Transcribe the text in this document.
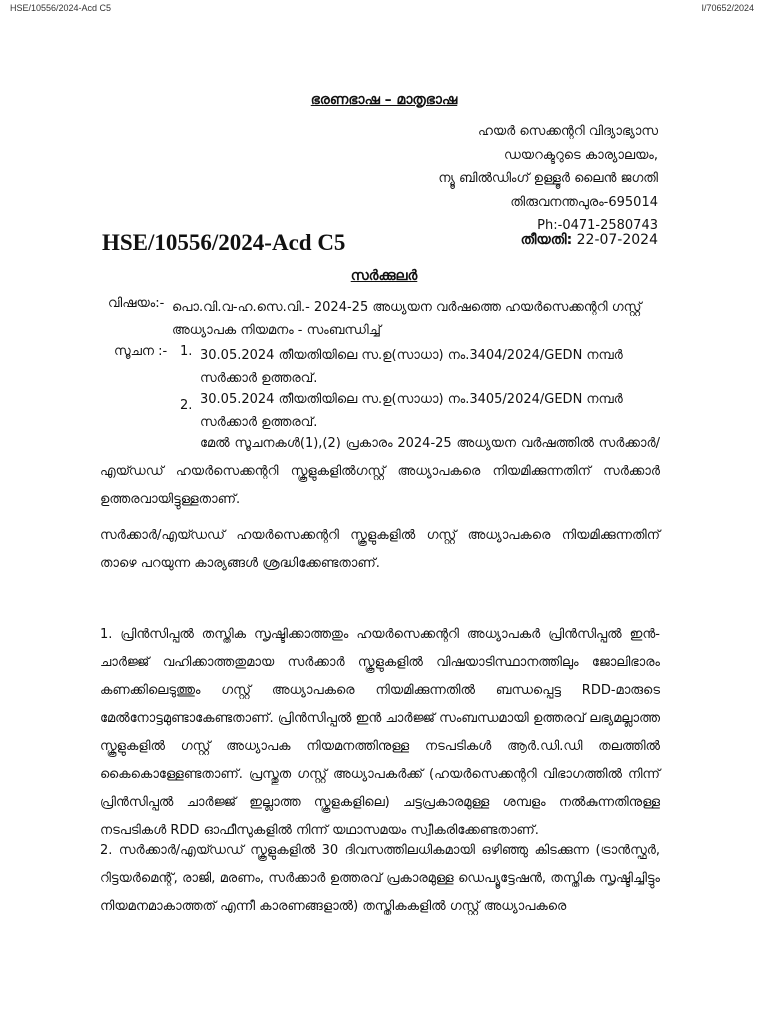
HSE/10556/2024-Acd C5	I/70652/2024
ഭരണഭാഷ – മാതൃഭാഷ
ഹയർ സെക്കന്ററി വിദ്യാഭ്യാസ
ഡയറക്ടറുടെ കാര്യാലയം,
ന്യൂ ബിൽഡിംഗ് ഉള്ളൂർ ലൈൻ ജഗതി
തിരുവനന്തപുരം-695014
Ph:-0471-2580743
HSE/10556/2024-Acd C5	തീയതി: 22-07-2024
സർക്കുലർ
വിഷയം:- പൊ.വി.വ-ഹ.സെ.വി.- 2024-25 അധ്യയന വർഷത്തെ ഹയർസെക്കന്ററി ഗസ്റ്റ് അധ്യാപക നിയമനം - സംബന്ധിച്ച്
സൂചന :- 1. 30.05.2024 തീയതിയിലെ സ.ഉ(സാധാ) നം.3404/2024/GEDN നമ്പർ സർക്കാർ ഉത്തരവ്.
2. 30.05.2024 തീയതിയിലെ സ.ഉ(സാധാ) നം.3405/2024/GEDN നമ്പർ സർക്കാർ ഉത്തരവ്.
മേൽ സൂചനകൾ(1),(2) പ്രകാരം 2024-25 അധ്യയന വർഷത്തിൽ സർക്കാർ/എയ്ഡഡ് ഹയർസെക്കന്ററി സ്കൂളുകളിൽഗസ്റ്റ് അധ്യാപകരെ നിയമിക്കുന്നതിന് സർക്കാർ ഉത്തരവായിട്ടുള്ളതാണ്.
സർക്കാർ/എയ്ഡഡ് ഹയർസെക്കന്ററി സ്കൂളുകളിൽ ഗസ്റ്റ് അധ്യാപകരെ നിയമിക്കുന്നതിന് താഴെ പറയുന്ന കാര്യങ്ങൾ ശ്രദ്ധിക്കേണ്ടതാണ്.
1. പ്രിൻസിപ്പൽ തസ്തിക സൃഷ്ടിക്കാത്തതും ഹയർസെക്കന്ററി അധ്യാപകർ പ്രിൻസിപ്പൽ ഇൻ-ചാർജ്ജ് വഹിക്കാത്തതുമായ സർക്കാർ സ്കൂളുകളിൽ വിഷയാടിസ്ഥാനത്തിലും ജോലിഭാരം കണക്കിലെടുത്തും ഗസ്റ്റ് അധ്യാപകരെ നിയമിക്കുന്നതിൽ ബന്ധപ്പെട്ട RDD-മാരുടെ മേൽനോട്ടമുണ്ടാകേണ്ടതാണ്. പ്രിൻസിപ്പൽ ഇൻ ചാർജ്ജ് സംബന്ധമായി ഉത്തരവ് ലഭ്യമല്ലാത്ത സ്കൂളുകളിൽ ഗസ്റ്റ് അധ്യാപക നിയമനത്തിനുള്ള നടപടികൾ ആർ.ഡി.ഡി തലത്തിൽ കൈകൊള്ളേണ്ടതാണ്. പ്രസ്തുത ഗസ്റ്റ് അധ്യാപകർക്ക് (ഹയർസെക്കന്ററി വിഭാഗത്തിൽ നിന്ന് പ്രിൻസിപ്പൽ ചാർജ്ജ് ഇല്ലാത്ത സ്കൂളകളിലെ) ചട്ടപ്രകാരമുള്ള ശമ്പളം നൽകുന്നതിനുള്ള നടപടികൾ RDD ഓഫീസുകളിൽ നിന്ന് യഥാസമയം സ്വീകരിക്കേണ്ടതാണ്.
2. സർക്കാർ/എയ്ഡഡ് സ്കൂളുകളിൽ 30 ദിവസത്തിലധികമായി ഒഴിഞ്ഞു കിടക്കുന്ന (ട്രാൻസ്ഫർ, റിട്ടയർമെന്റ്, രാജി, മരണം, സർക്കാർ ഉത്തരവ് പ്രകാരമുള്ള ഡെപ്യൂട്ടേഷൻ, തസ്തിക സൃഷ്ടിച്ചിട്ടും നിയമനമാകാത്തത് എന്നീ കാരണങ്ങളാൽ) തസ്തികകളിൽ ഗസ്റ്റ് അധ്യാപകരെ
